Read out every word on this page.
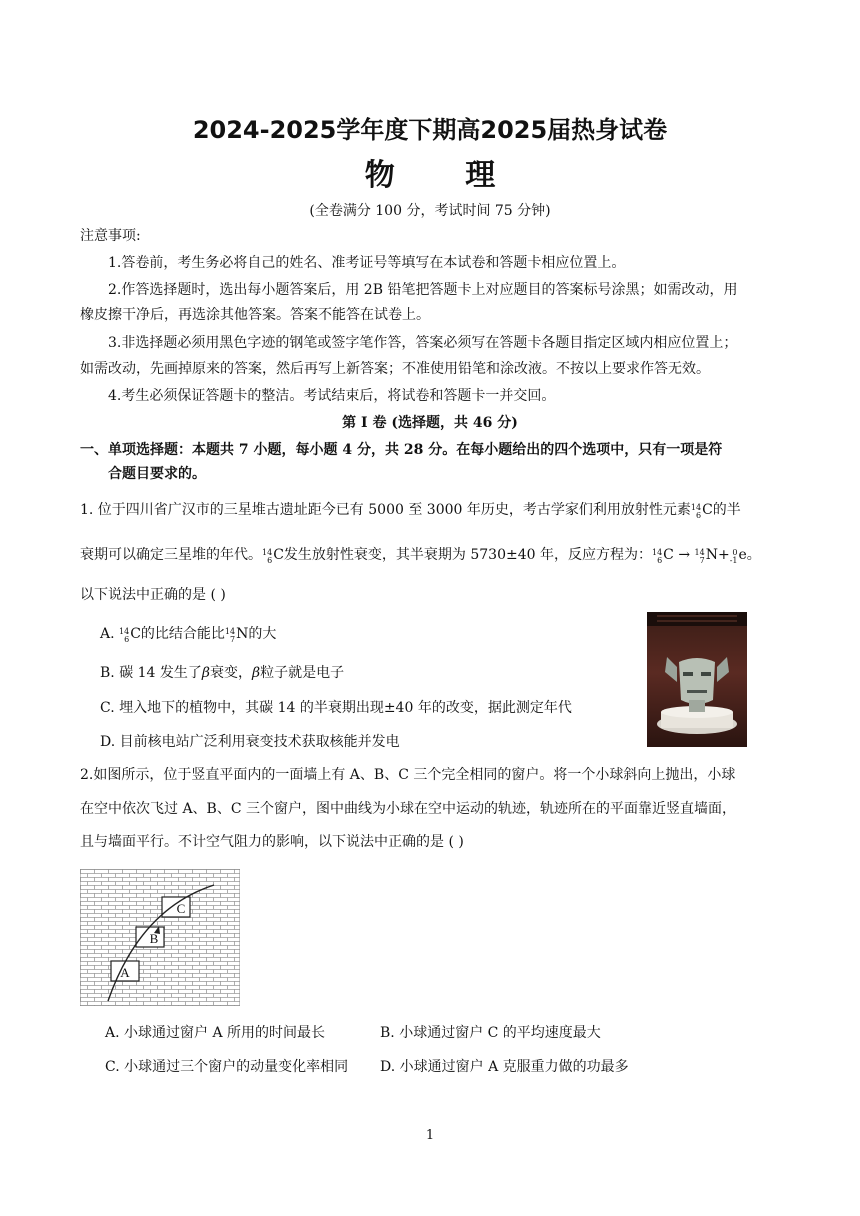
2024-2025学年度下期高2025届热身试卷
物 理
(全卷满分 100 分，考试时间 75 分钟)
注意事项:
1.答卷前，考生务必将自己的姓名、准考证号等填写在本试卷和答题卡相应位置上。
2.作答选择题时，选出每小题答案后，用 2B 铅笔把答题卡上对应题目的答案标号涂黑；如需改动，用
橡皮擦干净后，再选涂其他答案。答案不能答在试卷上。
3.非选择题必须用黑色字迹的钢笔或签字笔作答，答案必须写在答题卡各题目指定区域内相应位置上；
如需改动，先画掉原来的答案，然后再写上新答案；不准使用铅笔和涂改液。不按以上要求作答无效。
4.考生必须保证答题卡的整洁。考试结束后，将试卷和答题卡一并交回。
第 I 卷 (选择题，共 46 分)
一、单项选择题：本题共 7 小题，每小题 4 分，共 28 分。在每小题给出的四个选项中，只有一项是符
合题目要求的。
1. 位于四川省广汉市的三星堆古遗址距今已有 5000 至 3000 年历史，考古学家们利用放射性元素 14
6 C的半
衰期可以确定三星堆的年代。 14
6 C发生放射性衰变，其半衰期为 5730±40 年，反应方程为： 14
6 C → 14
7 N+ 0
-1 e。
以下说法中正确的是 ( )
A. 14
6 C的比结合能比 14
7 N的大
B. 碳 14 发生了β衰变，β粒子就是电子
C. 埋入地下的植物中，其碳 14 的半衰期出现±40 年的改变，据此测定年代
D. 目前核电站广泛利用衰变技术获取核能并发电
2.如图所示，位于竖直平面内的一面墙上有 A、B、C 三个完全相同的窗户。将一个小球斜向上抛出，小球
在空中依次飞过 A、B、C 三个窗户，图中曲线为小球在空中运动的轨迹，轨迹所在的平面靠近竖直墙面，
且与墙面平行。不计空气阻力的影响，以下说法中正确的是 ( )
A
B
C
A. 小球通过窗户 A 所用的时间最长	B. 小球通过窗户 C 的平均速度最大
C. 小球通过三个窗户的动量变化率相同 D. 小球通过窗户 A 克服重力做的功最多
1
